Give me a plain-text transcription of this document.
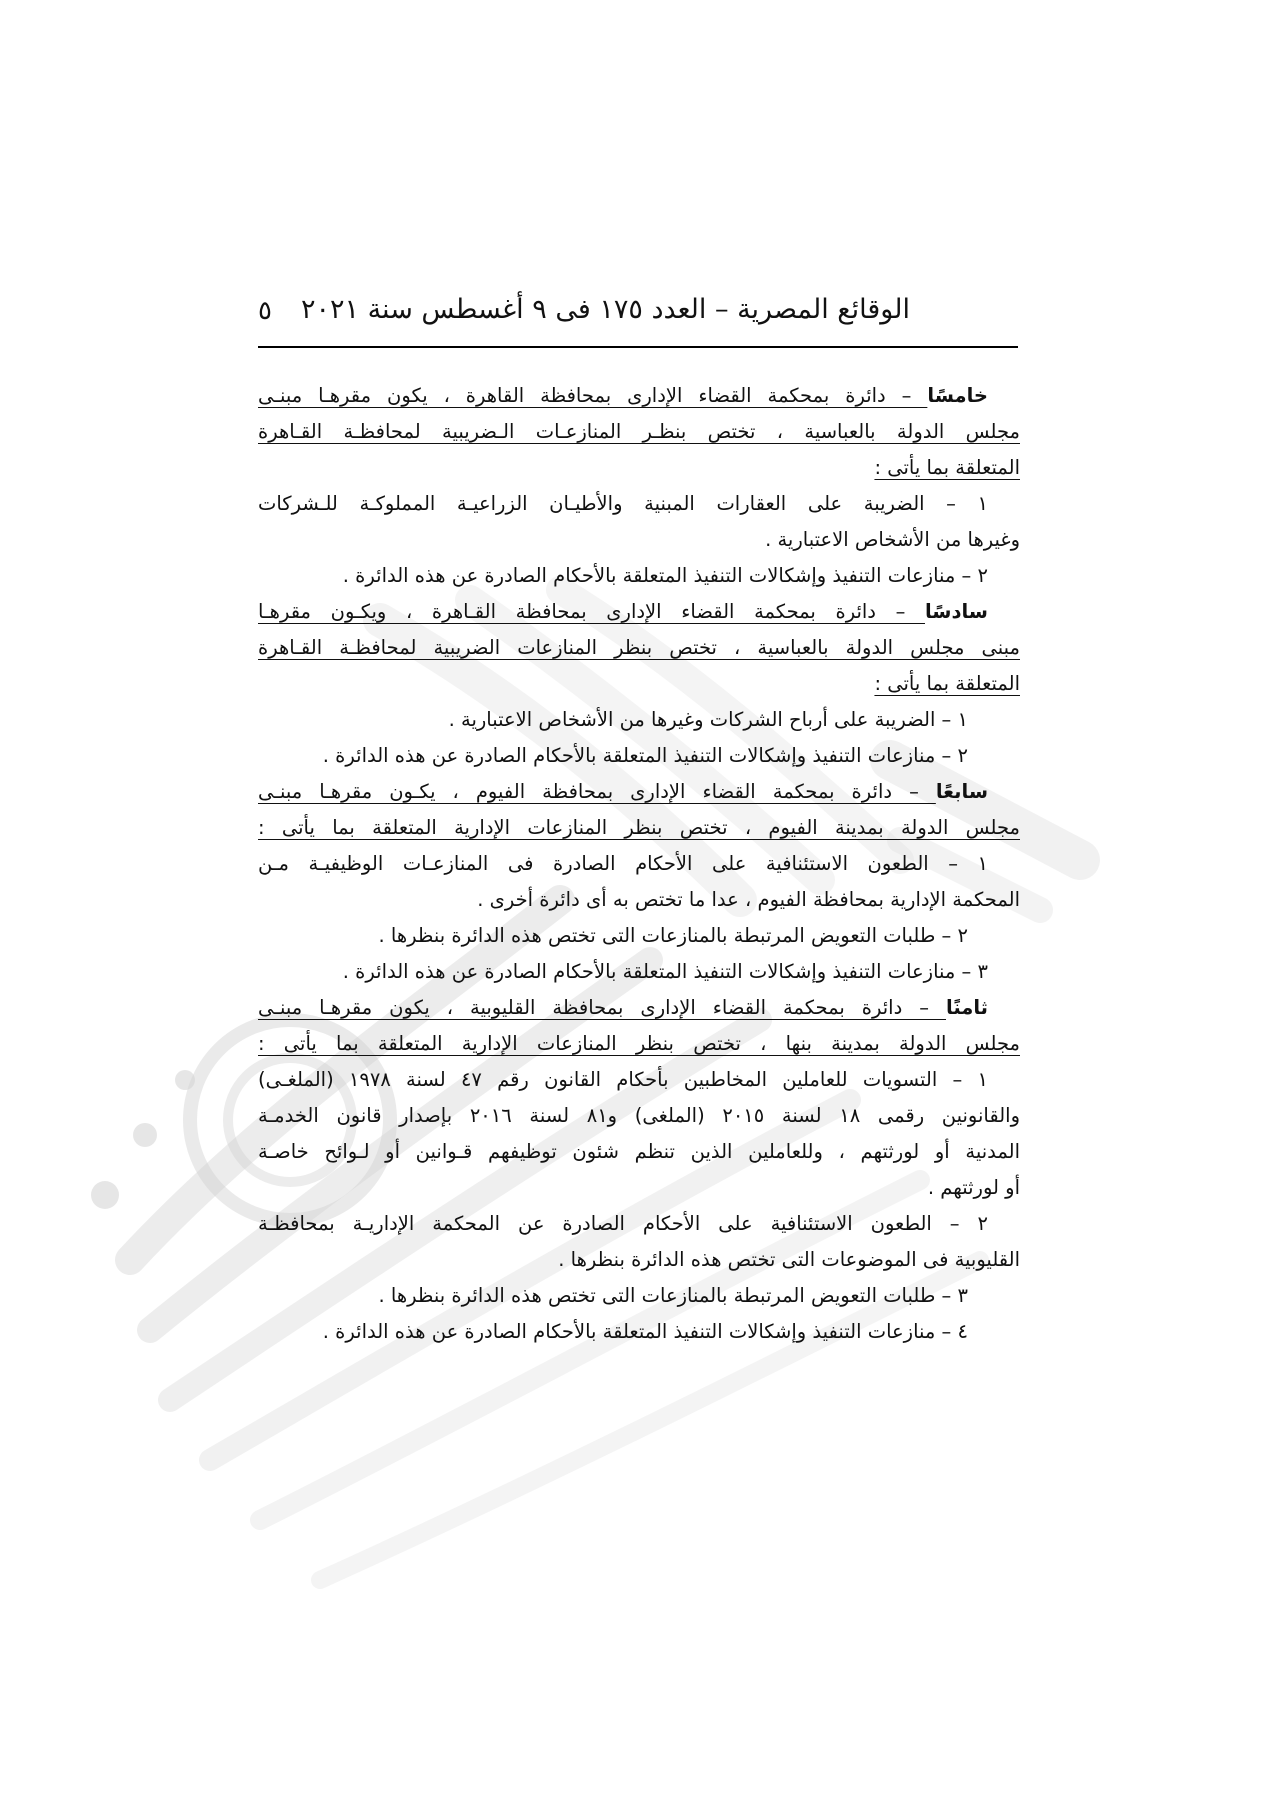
الوقائع المصرية – العدد ١٧٥ فى ٩ أغسطس سنة ٢٠٢١
٥
خامسًا – دائرة بمحكمة القضاء الإدارى بمحافظة القاهرة ، يكون مقرهـا مبنـى
مجلس الدولة بالعباسية ، تختص بنظـر المنازعـات الـضريبية لمحافظـة القـاهرة
المتعلقة بما يأتى :
١ – الضريبة على العقارات المبنية والأطيـان الزراعيـة المملوكـة للـشركات
وغيرها من الأشخاص الاعتبارية .
٢ – منازعات التنفيذ وإشكالات التنفيذ المتعلقة بالأحكام الصادرة عن هذه الدائرة .
سادسًا – دائرة بمحكمة القضاء الإدارى بمحافظة القـاهرة ، ويكـون مقرهـا
مبنى مجلس الدولة بالعباسية ، تختص بنظر المنازعات الضريبية لمحافظـة القـاهرة
المتعلقة بما يأتى :
١ – الضريبة على أرباح الشركات وغيرها من الأشخاص الاعتبارية .
٢ – منازعات التنفيذ وإشكالات التنفيذ المتعلقة بالأحكام الصادرة عن هذه الدائرة .
سابعًا – دائرة بمحكمة القضاء الإدارى بمحافظة الفيوم ، يكـون مقرهـا مبنـى
مجلس الدولة بمدينة الفيوم ، تختص بنظر المنازعات الإدارية المتعلقة بما يأتى :
١ – الطعون الاستئنافية على الأحكام الصادرة فى المنازعـات الوظيفيـة مـن
المحكمة الإدارية بمحافظة الفيوم ، عدا ما تختص به أى دائرة أخرى .
٢ – طلبات التعويض المرتبطة بالمنازعات التى تختص هذه الدائرة بنظرها .
٣ – منازعات التنفيذ وإشكالات التنفيذ المتعلقة بالأحكام الصادرة عن هذه الدائرة .
ثامنًا – دائرة بمحكمة القضاء الإدارى بمحافظة القليوبية ، يكون مقرهـا مبنـى
مجلس الدولة بمدينة بنها ، تختص بنظر المنازعات الإدارية المتعلقة بما يأتى :
١ – التسويات للعاملين المخاطبين بأحكام القانون رقم ٤٧ لسنة ١٩٧٨ (الملغـى)
والقانونين رقمى ١٨ لسنة ٢٠١٥ (الملغى) و٨١ لسنة ٢٠١٦ بإصدار قانون الخدمـة
المدنية أو لورثتهم ، وللعاملين الذين تنظم شئون توظيفهم قـوانين أو لـوائح خاصـة
أو لورثتهم .
٢ – الطعون الاستئنافية على الأحكام الصادرة عن المحكمة الإداريـة بمحافظـة
القليوبية فى الموضوعات التى تختص هذه الدائرة بنظرها .
٣ – طلبات التعويض المرتبطة بالمنازعات التى تختص هذه الدائرة بنظرها .
٤ – منازعات التنفيذ وإشكالات التنفيذ المتعلقة بالأحكام الصادرة عن هذه الدائرة .
